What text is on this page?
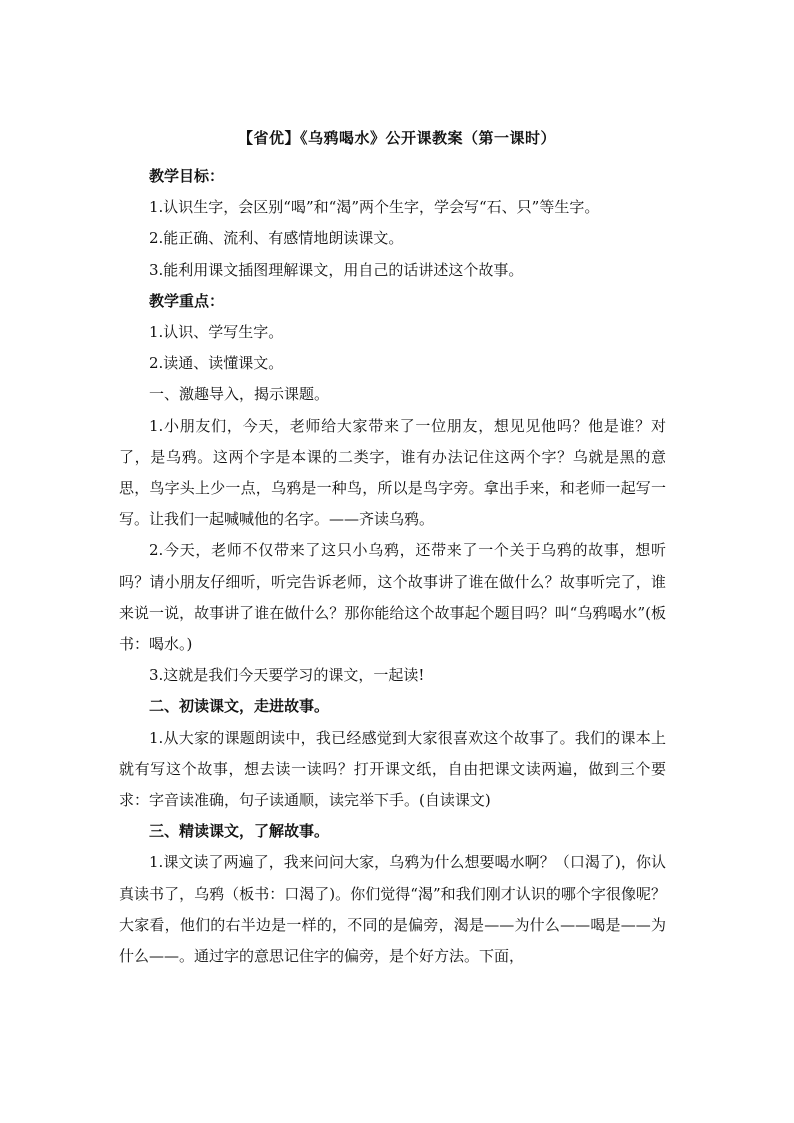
【省优】《乌鸦喝水》公开课教案（第一课时）

教学目标：

1.认识生字，会区别“喝”和“渴”两个生字，学会写“石、只”等生字。

2.能正确、流利、有感情地朗读课文。

3.能利用课文插图理解课文，用自己的话讲述这个故事。

教学重点：

1.认识、学写生字。

2.读通、读懂课文。

一、激趣导入，揭示课题。

1.小朋友们，今天，老师给大家带来了一位朋友，想见见他吗？他是谁？对了，是乌鸦。这两个字是本课的二类字，谁有办法记住这两个字？乌就是黑的意思，鸟字头上少一点，乌鸦是一种鸟，所以是鸟字旁。拿出手来，和老师一起写一写。让我们一起喊喊他的名字。——齐读乌鸦。

2.今天，老师不仅带来了这只小乌鸦，还带来了一个关于乌鸦的故事，想听吗？请小朋友仔细听，听完告诉老师，这个故事讲了谁在做什么？故事听完了，谁来说一说，故事讲了谁在做什么？那你能给这个故事起个题目吗？叫“乌鸦喝水”(板书：喝水。)

3.这就是我们今天要学习的课文，一起读!

二、初读课文，走进故事。

1.从大家的课题朗读中，我已经感觉到大家很喜欢这个故事了。我们的课本上就有写这个故事，想去读一读吗？打开课文纸，自由把课文读两遍，做到三个要求：字音读准确，句子读通顺，读完举下手。(自读课文)

三、精读课文，了解故事。

1.课文读了两遍了，我来问问大家，乌鸦为什么想要喝水啊？（口渴了)，你认真读书了，乌鸦（板书：口渴了)。你们觉得“渴”和我们刚才认识的哪个字很像呢？大家看，他们的右半边是一样的，不同的是偏旁，渴是——为什么——喝是——为什么——。通过字的意思记住字的偏旁，是个好方法。下面，
